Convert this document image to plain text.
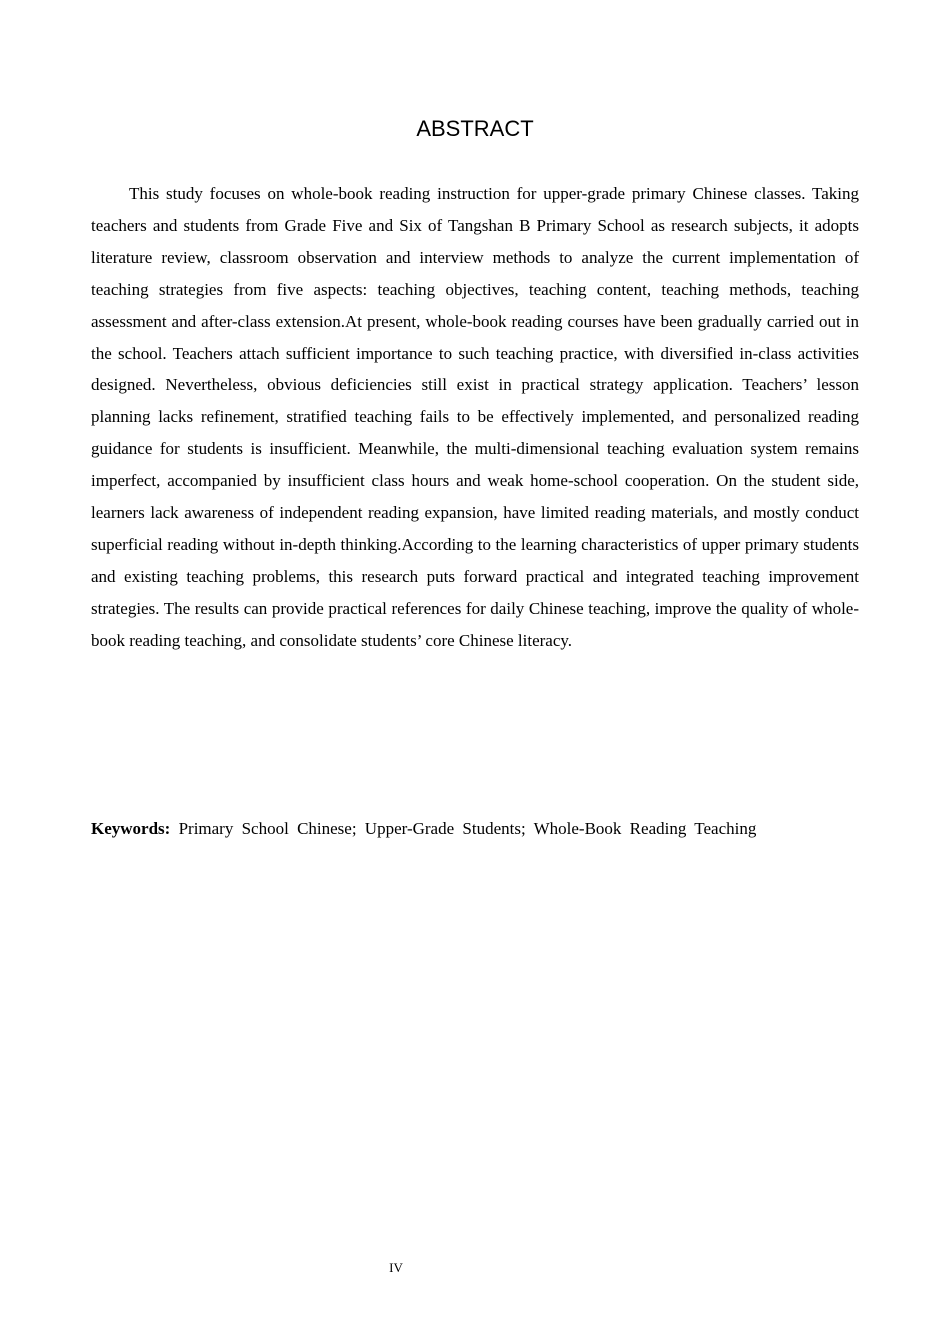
ABSTRACT

This study focuses on whole-book reading instruction for upper-grade primary Chinese classes. Taking teachers and students from Grade Five and Six of Tangshan B Primary School as research subjects, it adopts literature review, classroom observation and interview methods to analyze the current implementation of teaching strategies from five aspects: teaching objectives, teaching content, teaching methods, teaching assessment and after-class extension.At present, whole-book reading courses have been gradually carried out in the school. Teachers attach sufficient importance to such teaching practice, with diversified in-class activities designed. Nevertheless, obvious deficiencies still exist in practical strategy application. Teachers’ lesson planning lacks refinement, stratified teaching fails to be effectively implemented, and personalized reading guidance for students is insufficient. Meanwhile, the multi-dimensional teaching evaluation system remains imperfect, accompanied by insufficient class hours and weak home-school cooperation. On the student side, learners lack awareness of independent reading expansion, have limited reading materials, and mostly conduct superficial reading without in-depth thinking.According to the learning characteristics of upper primary students and existing teaching problems, this research puts forward practical and integrated teaching improvement strategies. The results can provide practical references for daily Chinese teaching, improve the quality of whole-book reading teaching, and consolidate students’ core Chinese literacy.

Keywords: Primary School Chinese; Upper-Grade Students; Whole-Book Reading Teaching

IV
